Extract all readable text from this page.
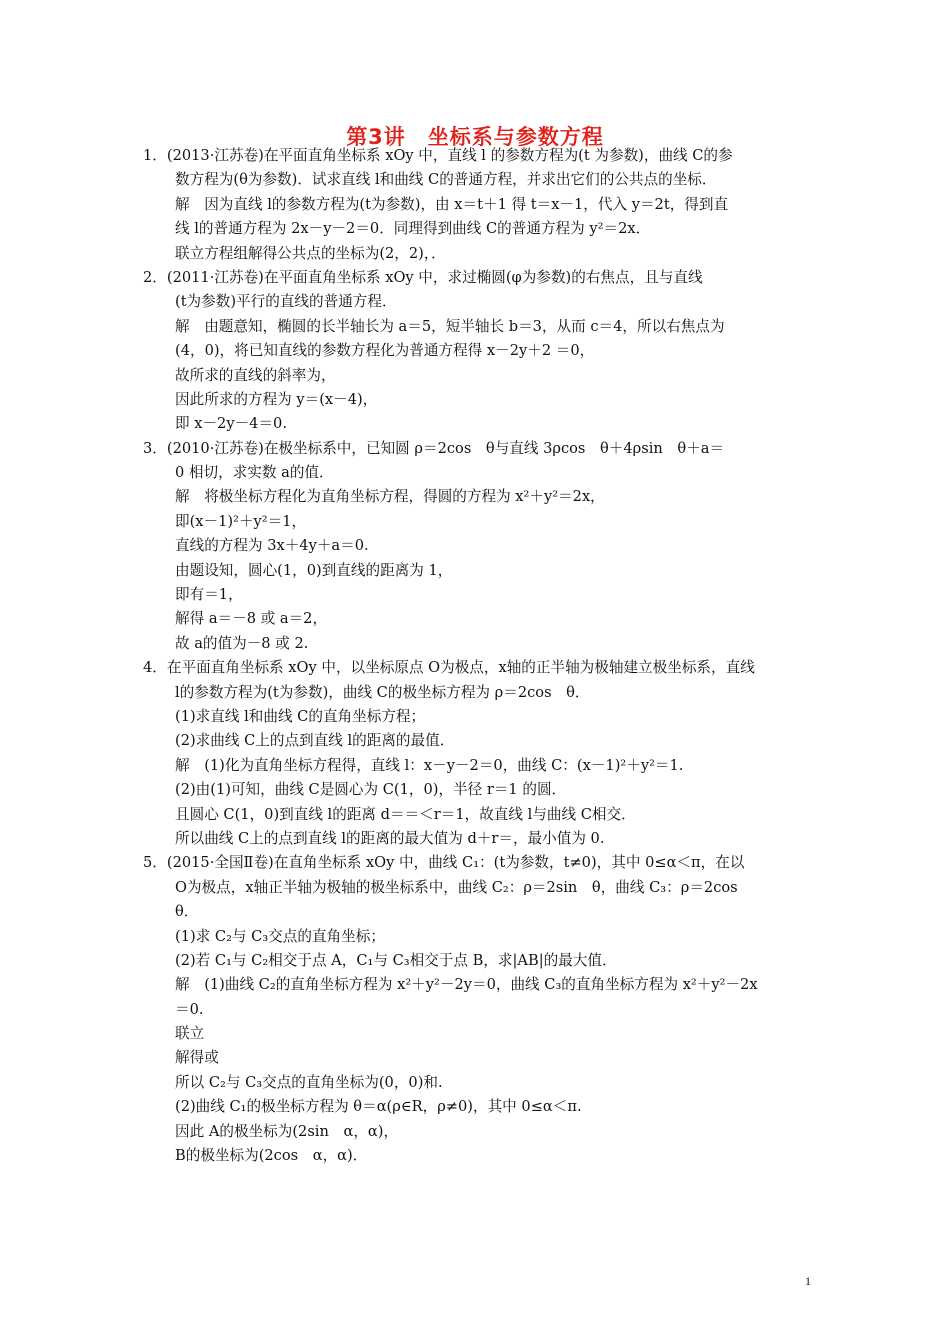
第3讲　坐标系与参数方程
1．(2013·江苏卷)在平面直角坐标系 xOy 中，直线 l 的参数方程为(t 为参数)，曲线 C的参
数方程为(θ为参数)．试求直线 l和曲线 C的普通方程，并求出它们的公共点的坐标．
解　因为直线 l的参数方程为(t为参数)，由 x＝t＋1 得 t＝x－1，代入 y＝2t，得到直
线 l的普通方程为 2x－y－2＝0．同理得到曲线 C的普通方程为 y²＝2x．
联立方程组解得公共点的坐标为(2，2)，．
2．(2011·江苏卷)在平面直角坐标系 xOy 中，求过椭圆(φ为参数)的右焦点，且与直线
(t为参数)平行的直线的普通方程．
解　由题意知，椭圆的长半轴长为 a＝5，短半轴长 b＝3，从而 c＝4，所以右焦点为
(4，0)，将已知直线的参数方程化为普通方程得 x－2y＋2 ＝0，
故所求的直线的斜率为，
因此所求的方程为 y＝(x－4)，
即 x－2y－4＝0.
3．(2010·江苏卷)在极坐标系中，已知圆 ρ＝2cos　θ与直线 3ρcos　θ＋4ρsin　θ＋a＝
0 相切，求实数 a的值．
解　将极坐标方程化为直角坐标方程，得圆的方程为 x²＋y²＝2x，
即(x－1)²＋y²＝1，
直线的方程为 3x＋4y＋a＝0.
由题设知，圆心(1，0)到直线的距离为 1，
即有＝1，
解得 a＝－8 或 a＝2，
故 a的值为－8 或 2.
4．在平面直角坐标系 xOy 中，以坐标原点 O为极点，x轴的正半轴为极轴建立极坐标系，直线
l的参数方程为(t为参数)，曲线 C的极坐标方程为 ρ＝2cos　θ．
(1)求直线 l和曲线 C的直角坐标方程；
(2)求曲线 C上的点到直线 l的距离的最值．
解　(1)化为直角坐标方程得，直线 l：x－y－2＝0，曲线 C：(x－1)²＋y²＝1.
(2)由(1)可知，曲线 C是圆心为 C(1，0)，半径 r＝1 的圆．
且圆心 C(1，0)到直线 l的距离 d＝＝＜r＝1，故直线 l与曲线 C相交．
所以曲线 C上的点到直线 l的距离的最大值为 d＋r＝，最小值为 0.
5．(2015·全国Ⅱ卷)在直角坐标系 xOy 中，曲线 C₁：(t为参数，t≠0)，其中 0≤α＜π，在以
O为极点，x轴正半轴为极轴的极坐标系中，曲线 C₂：ρ＝2sin　θ，曲线 C₃：ρ＝2cos
θ．
(1)求 C₂与 C₃交点的直角坐标；
(2)若 C₁与 C₂相交于点 A，C₁与 C₃相交于点 B，求|AB|的最大值．
解　(1)曲线 C₂的直角坐标方程为 x²＋y²－2y＝0，曲线 C₃的直角坐标方程为 x²＋y²－2x
＝0.
联立
解得或
所以 C₂与 C₃交点的直角坐标为(0，0)和.
(2)曲线 C₁的极坐标方程为 θ＝α(ρ∈R，ρ≠0)，其中 0≤α＜π.
因此 A的极坐标为(2sin　α，α)，
B的极坐标为(2cos　α，α)．
1
